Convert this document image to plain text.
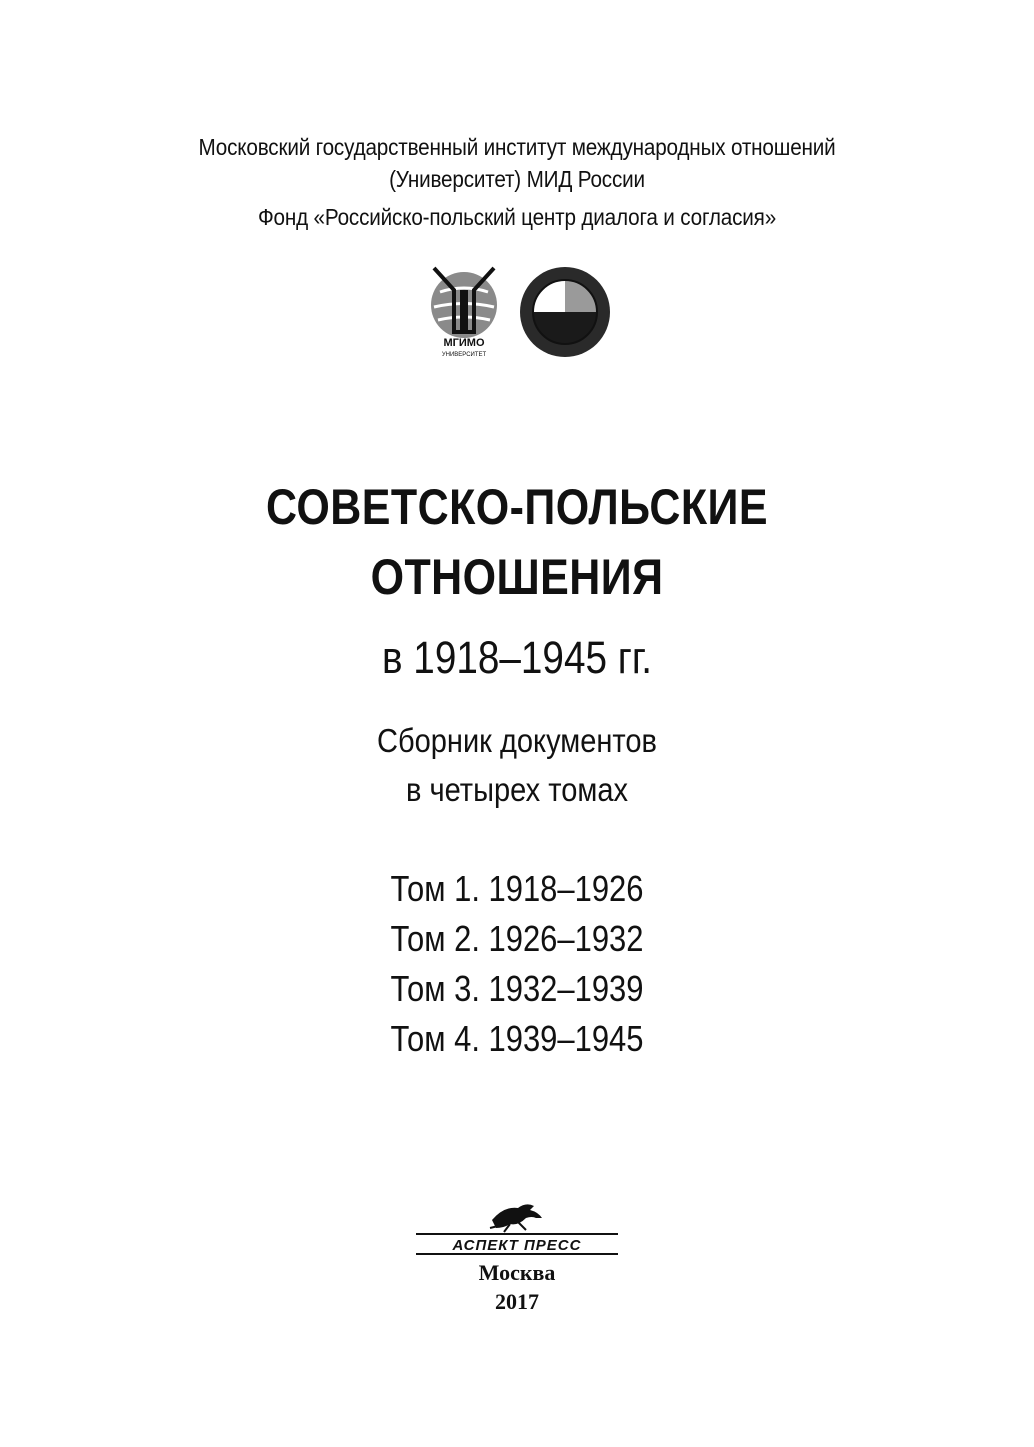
Московский государственный институт международных отношений
(Университет) МИД России
Фонд «Российско-польский центр диалога и согласия»
МГИМО
УНИВЕРСИТЕТ
СОВЕТСКО-ПОЛЬСКИЕ
ОТНОШЕНИЯ
в 1918–1945 гг.
Сборник документов
в четырех томах
Том 1. 1918–1926
Том 2. 1926–1932
Том 3. 1932–1939
Том 4. 1939–1945
АСПЕКТ ПРЕСС
Москва
2017
